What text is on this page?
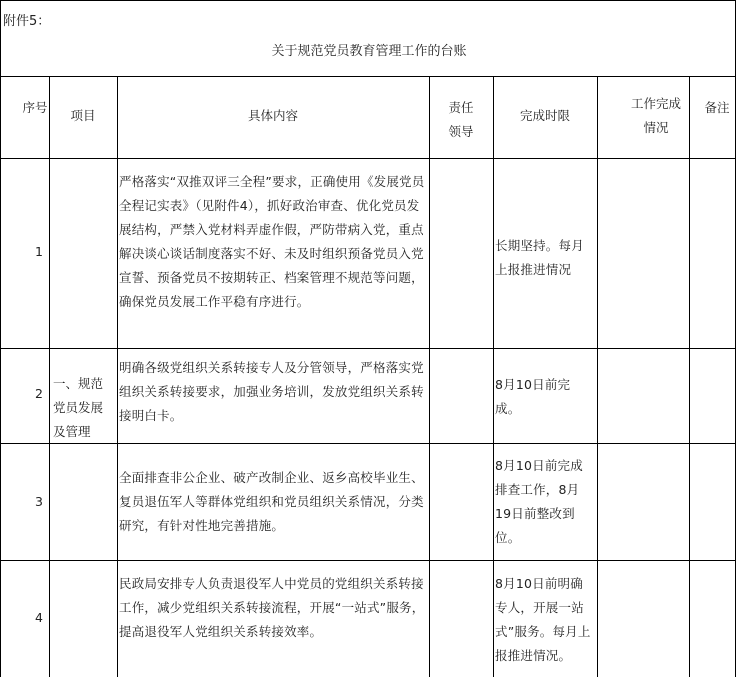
附件5：
关于规范党员教育管理工作的台账
序号
项目	具体内容
责任领导
完成时限
工作完成情况
备注
一、规范党员发展及管理
1
严格落实“双推双评三全程”要求，正确使用《发展党员全程记实表》（见附件4），抓好政治审查、优化党员发展结构，严禁入党材料弄虚作假，严防带病入党，重点解决谈心谈话制度落实不好、未及时组织预备党员入党宣誓、预备党员不按期转正、档案管理不规范等问题，确保党员发展工作平稳有序进行。
长期坚持。每月上报推进情况
2
明确各级党组织关系转接专人及分管领导，严格落实党组织关系转接要求，加强业务培训，发放党组织关系转接明白卡。
8月10日前完成。
3
全面排查非公企业、破产改制企业、返乡高校毕业生、复员退伍军人等群体党组织和党员组织关系情况，分类研究，有针对性地完善措施。
8月10日前完成排查工作，8月19日前整改到位。
4
民政局安排专人负责退役军人中党员的党组织关系转接工作，减少党组织关系转接流程，开展“一站式”服务，提高退役军人党组织关系转接效率。
8月10日前明确专人，开展一站式”服务。每月上报推进情况。
